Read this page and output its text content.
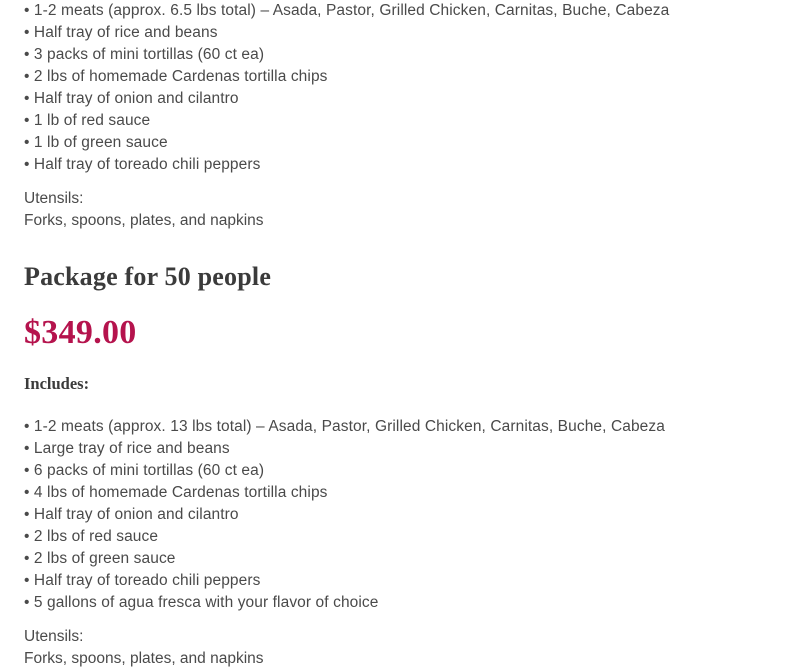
• 1-2 meats (approx. 6.5 lbs total) – Asada, Pastor, Grilled Chicken, Carnitas, Buche, Cabeza
• Half tray of rice and beans
• 3 packs of mini tortillas (60 ct ea)
• 2 lbs of homemade Cardenas tortilla chips
• Half tray of onion and cilantro
• 1 lb of red sauce
• 1 lb of green sauce
• Half tray of toreado chili peppers
Utensils:
Forks, spoons, plates, and napkins
Package for 50 people
$349.00
Includes:
• 1-2 meats (approx. 13 lbs total) – Asada, Pastor, Grilled Chicken, Carnitas, Buche, Cabeza
• Large tray of rice and beans
• 6 packs of mini tortillas (60 ct ea)
• 4 lbs of homemade Cardenas tortilla chips
• Half tray of onion and cilantro
• 2 lbs of red sauce
• 2 lbs of green sauce
• Half tray of toreado chili peppers
• 5 gallons of agua fresca with your flavor of choice
Utensils:
Forks, spoons, plates, and napkins
